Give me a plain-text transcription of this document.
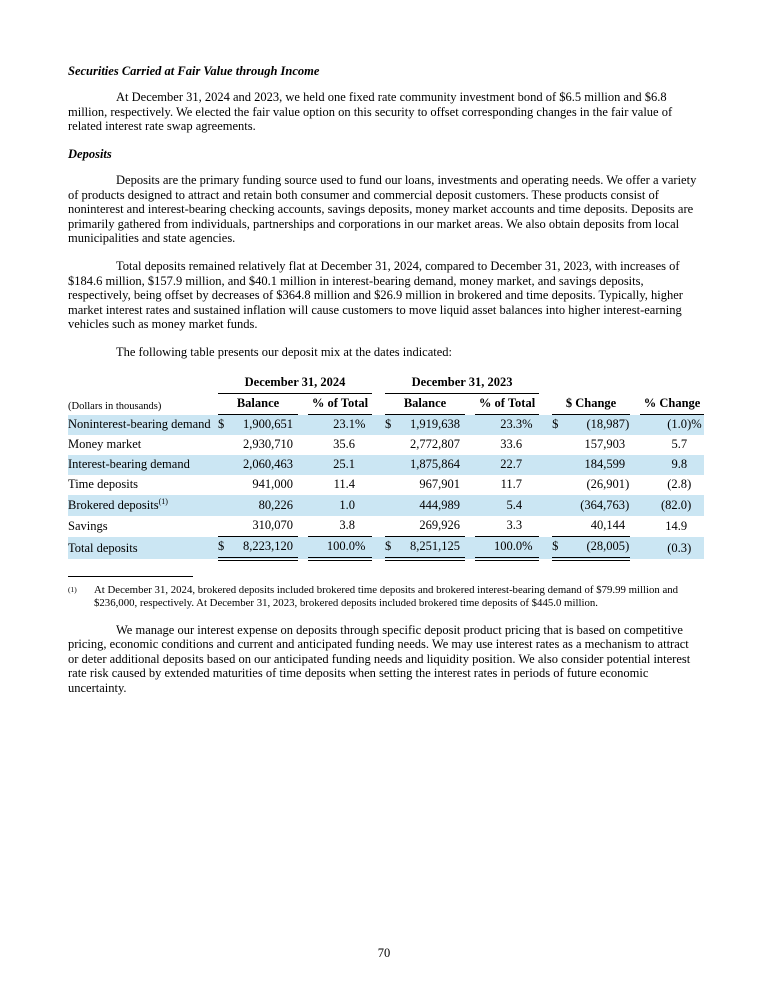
Securities Carried at Fair Value through Income

At December 31, 2024 and 2023, we held one fixed rate community investment bond of $6.5 million and $6.8 million, respectively. We elected the fair value option on this security to offset corresponding changes in the fair value of related interest rate swap agreements.

Deposits

Deposits are the primary funding source used to fund our loans, investments and operating needs. We offer a variety of products designed to attract and retain both consumer and commercial deposit customers. These products consist of noninterest and interest-bearing checking accounts, savings deposits, money market accounts and time deposits. Deposits are primarily gathered from individuals, partnerships and corporations in our market areas. We also obtain deposits from local municipalities and state agencies.

Total deposits remained relatively flat at December 31, 2024, compared to December 31, 2023, with increases of $184.6 million, $157.9 million, and $40.1 million in interest-bearing demand, money market, and savings deposits, respectively, being offset by decreases of $364.8 million and $26.9 million in brokered and time deposits. Typically, higher market interest rates and sustained inflation will cause customers to move liquid asset balances into higher interest-earning vehicles such as money market funds.

The following table presents our deposit mix at the dates indicated:

	December 31, 2024					December 31, 2023								
(Dollars in thousands)	Balance			% of Total		Balance			% of Total		$ Change			% Change
Noninterest-bearing demand	$	1,900,651		23.1 %		$	1,919,638		23.3 %		$	(18,987 )		(1.0 )%

Money market		2,930,710		35.6			2,772,807		33.6			157,903		5.7

Interest-bearing demand		2,060,463		25.1			1,875,864		22.7			184,599		9.8

Time deposits		941,000		11.4			967,901		11.7			(26,901 )		(2.8 )

Brokered deposits$^{(1)}$		80,226		1.0			444,989		5.4			(364,763 )		(82.0 )

Savings		310,070		3.8			269,926		3.3			40,144		14.9

Total deposits	$	8,223,120		100.0 %		$	8,251,125		100.0 %		$	(28,005 )		(0.3 )
$^{(1)}$	At December 31, 2024, brokered deposits included brokered time deposits and brokered interest-bearing demand of $79.99 million and $236,000, respectively. At December 31, 2023, brokered deposits included brokered time deposits of $445.0 million.

We manage our interest expense on deposits through specific deposit product pricing that is based on competitive pricing, economic conditions and current and anticipated funding needs. We may use interest rates as a mechanism to attract or deter additional deposits based on our anticipated funding needs and liquidity position. We also consider potential interest rate risk caused by extended maturities of time deposits when setting the interest rates in periods of future economic uncertainty.

70
